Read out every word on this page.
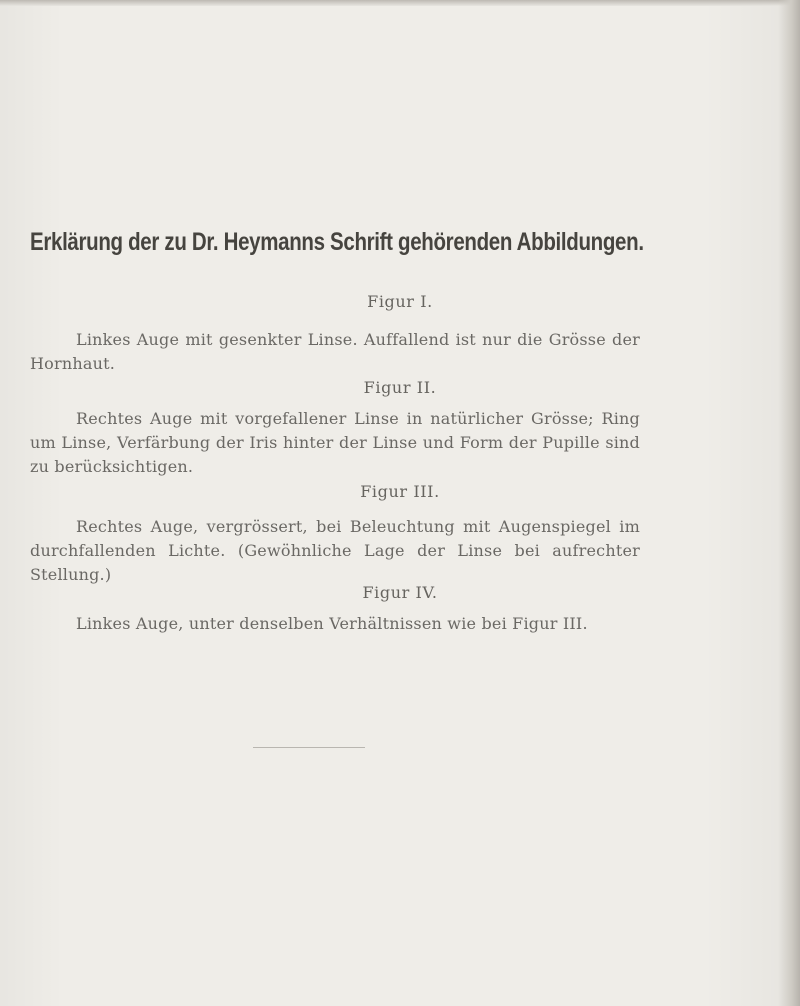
Erklärung der zu Dr. Heymanns Schrift gehörenden Abbildungen.

Figur I.

Linkes Auge mit gesenkter Linse. Auffallend ist nur die Grösse der Hornhaut.

Figur II.

Rechtes Auge mit vorgefallener Linse in natürlicher Grösse; Ring um Linse, Verfärbung der Iris hinter der Linse und Form der Pupille sind zu berücksichtigen.

Figur III.

Rechtes Auge, vergrössert, bei Beleuchtung mit Augenspiegel im durchfallenden Lichte. (Gewöhnliche Lage der Linse bei aufrechter Stellung.)

Figur IV.

Linkes Auge, unter denselben Verhältnissen wie bei Figur III.
